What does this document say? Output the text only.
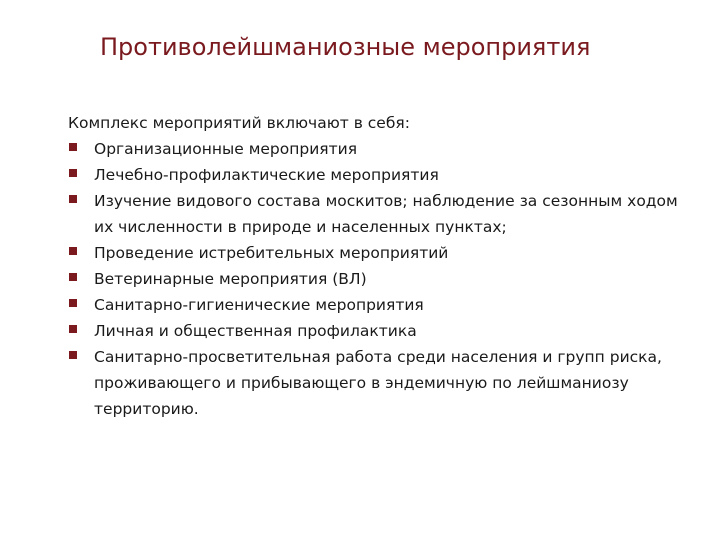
Противолейшманиозные мероприятия

Комплекс мероприятий включают в себя:

Организационные мероприятия
Лечебно-профилактические мероприятия
Изучение видового состава москитов; наблюдение за сезонным ходом их численности в природе и населенных пунктах;
Проведение истребительных мероприятий
Ветеринарные мероприятия (ВЛ)
Санитарно-гигиенические мероприятия
Личная и общественная профилактика
Санитарно-просветительная работа среди населения и групп риска, проживающего и прибывающего в эндемичную по лейшманиозу территорию.
